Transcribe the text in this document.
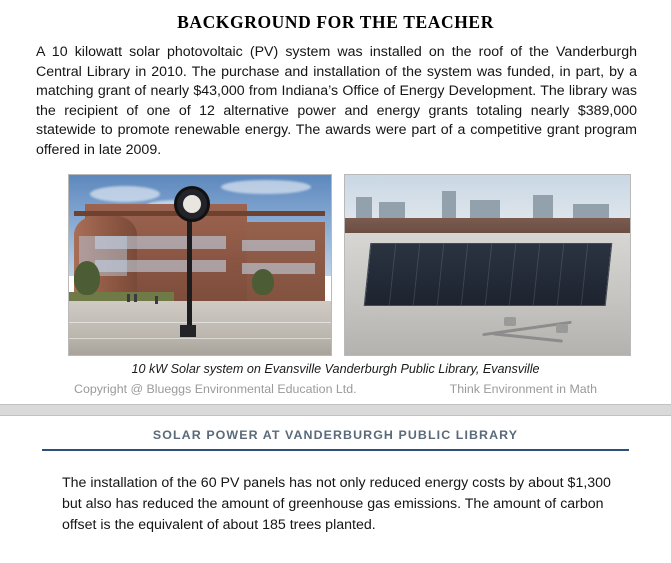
BACKGROUND FOR THE TEACHER

A 10 kilowatt solar photovoltaic (PV) system was installed on the roof of the Vanderburgh Central Library in 2010. The purchase and installation of the system was funded, in part, by a matching grant of nearly $43,000 from Indiana’s Office of Energy Development. The library was the recipient of one of 12 alternative power and energy grants totaling nearly $389,000 statewide to promote renewable energy. The awards were part of a competitive grant program offered in late 2009.

10 kW Solar system on Evansville Vanderburgh Public Library, Evansville
Copyright @ Blueggs Environmental Education Ltd.	Think Environment in Math
SOLAR POWER AT VANDERBURGH PUBLIC LIBRARY
The installation of the 60 PV panels has not only reduced energy costs by about $1,300 but also has reduced the amount of greenhouse gas emissions. The amount of carbon offset is the equivalent of about 185 trees planted.
